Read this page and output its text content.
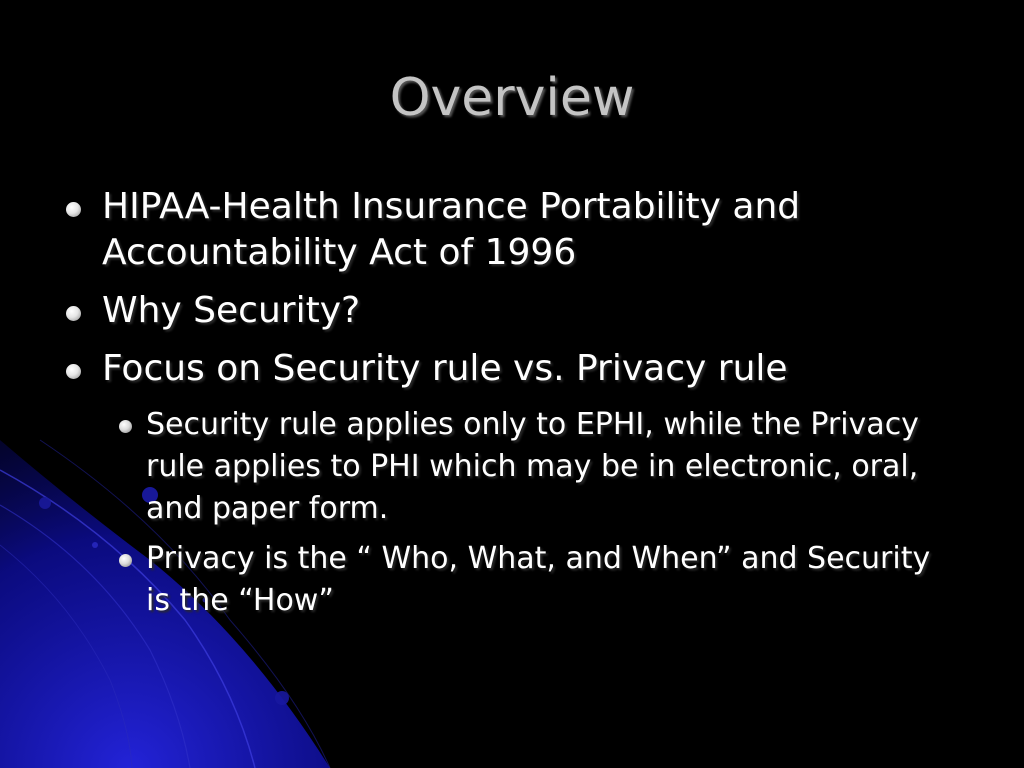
Overview
HIPAA-Health Insurance Portability and Accountability Act of 1996
Why Security?
Focus on Security rule vs. Privacy rule
Security rule applies only to EPHI, while the Privacy rule applies to PHI which may be in electronic, oral, and paper form.
Privacy is the “ Who, What, and When” and Security is the “How”
